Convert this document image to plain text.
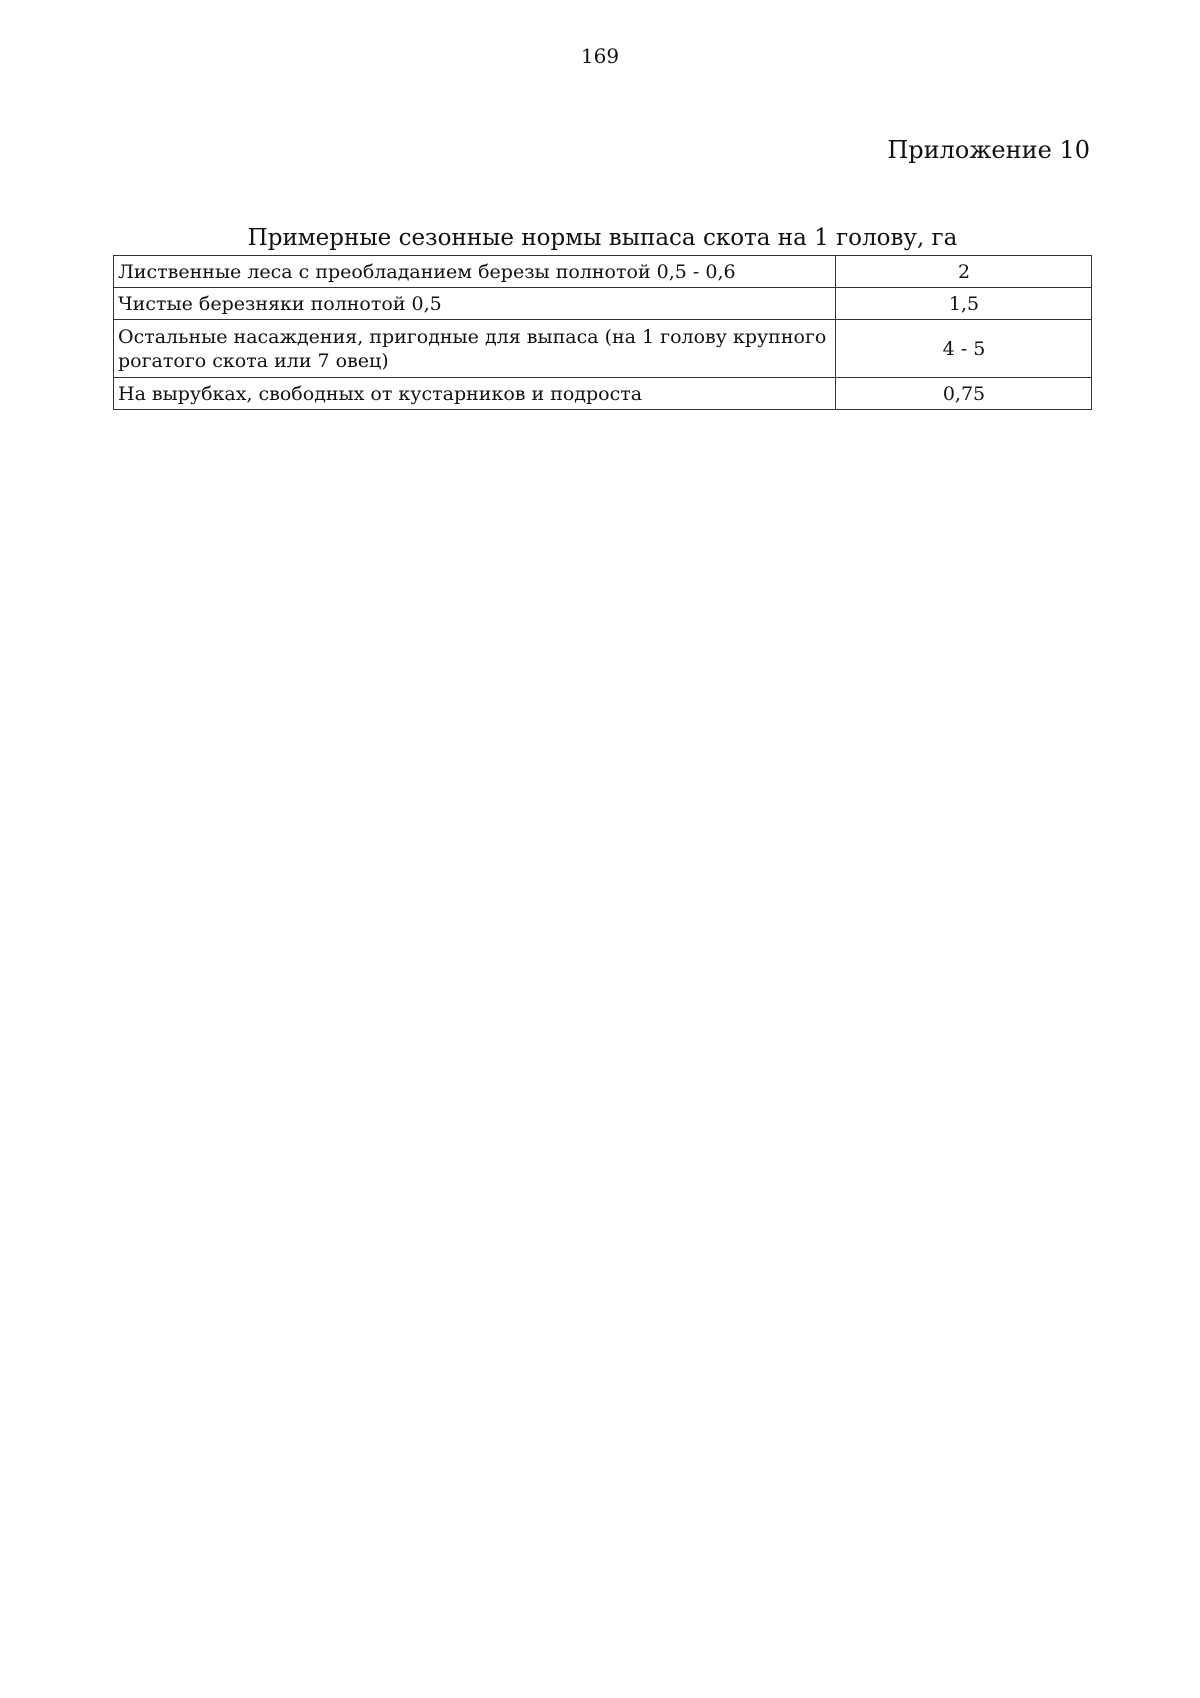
169
Приложение 10
Примерные сезонные нормы выпаса скота на 1 голову, га
Лиственные леса с преобладанием березы полнотой 0,5 - 0,6	2
Чистые березняки полнотой 0,5	1,5
Остальные насаждения, пригодные для выпаса (на 1 голову крупного рогатого скота или 7 овец)	4 - 5
На вырубках, свободных от кустарников и подроста	0,75
